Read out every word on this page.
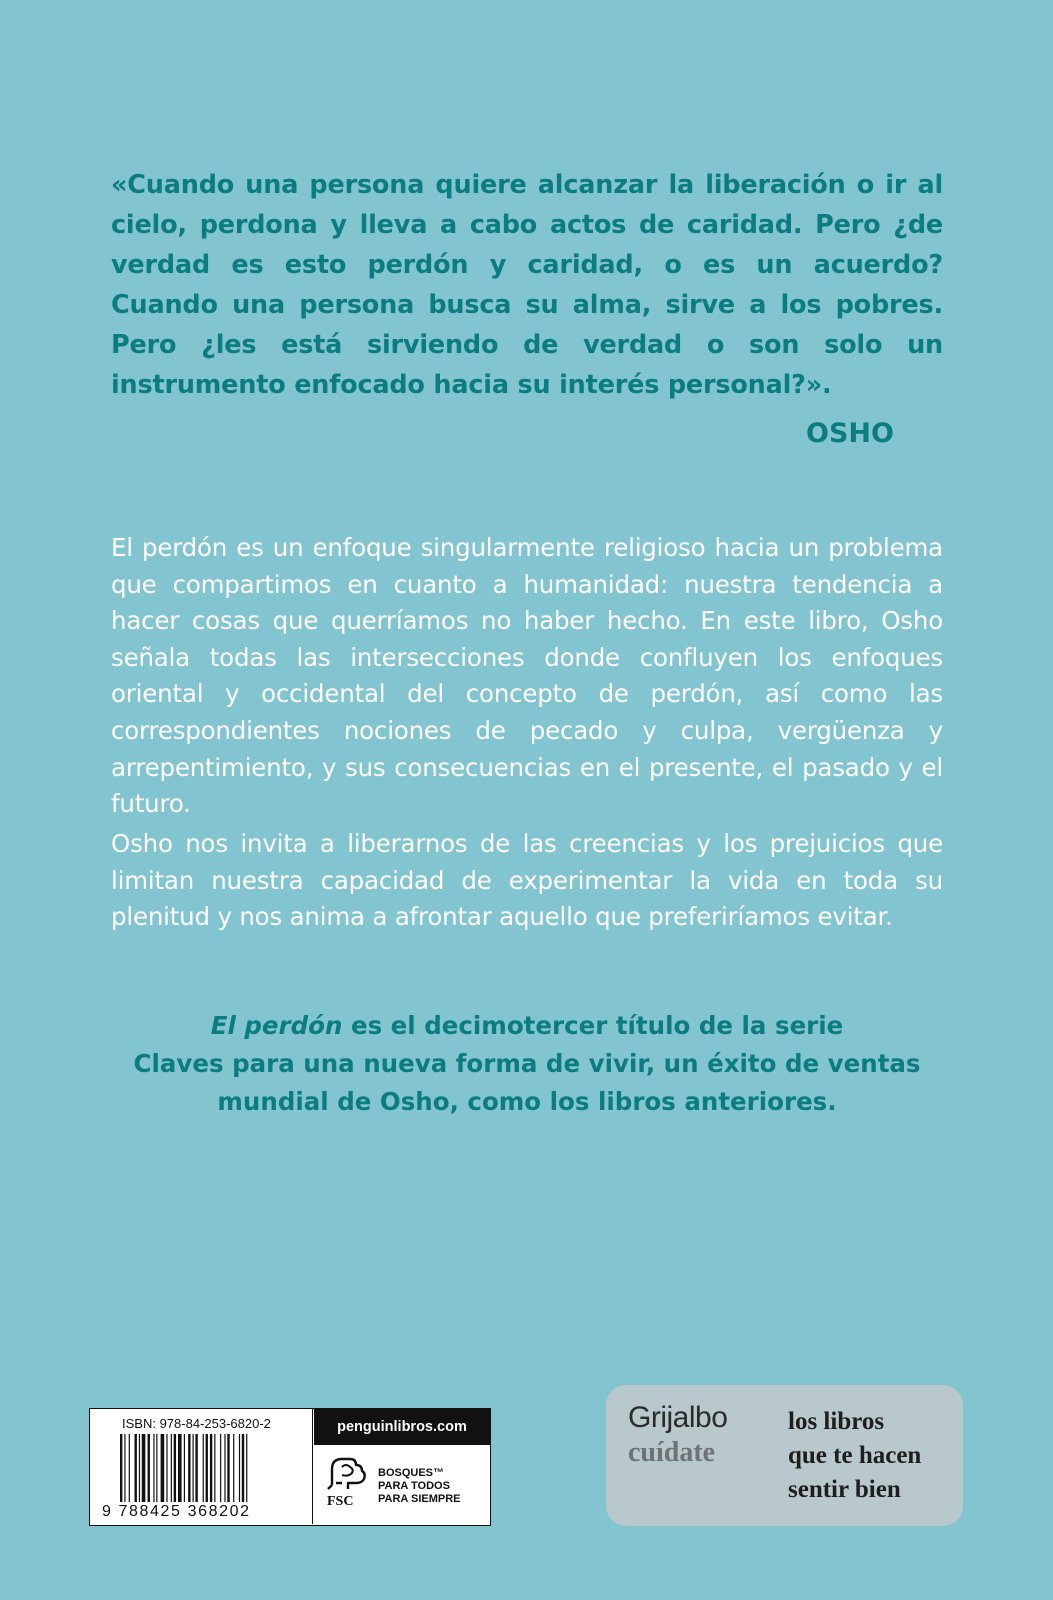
«Cuando una persona quiere alcanzar la liberación o ir al cielo, perdona y lleva a cabo actos de caridad. Pero ¿de verdad es esto perdón y caridad, o es un acuerdo? Cuando una persona busca su alma, sirve a los pobres. Pero ¿les está sirviendo de verdad o son solo un instrumento enfocado hacia su interés personal?».

OSHO

El perdón es un enfoque singularmente religioso hacia un problema que compartimos en cuanto a humanidad: nuestra tendencia a hacer cosas que querríamos no haber hecho. En este libro, Osho señala todas las intersecciones donde confluyen los enfoques oriental y occidental del concepto de perdón, así como las correspondientes nociones de pecado y culpa, vergüenza y arrepentimiento, y sus consecuencias en el presente, el pasado y el futuro.

Osho nos invita a liberarnos de las creencias y los prejuicios que limitan nuestra capacidad de experimentar la vida en toda su plenitud y nos anima a afrontar aquello que preferiríamos evitar.

El perdón es el decimotercer título de la serie
Claves para una nueva forma de vivir, un éxito de ventas
mundial de Osho, como los libros anteriores.

ISBN: 978-84-253-6820-2
9 788425 368202
penguinlibros.com
FSC
BOSQUES™
PARA TODOS
PARA SIEMPRE
Grijalbo
cuídate
los libros
que te hacen
sentir bien
